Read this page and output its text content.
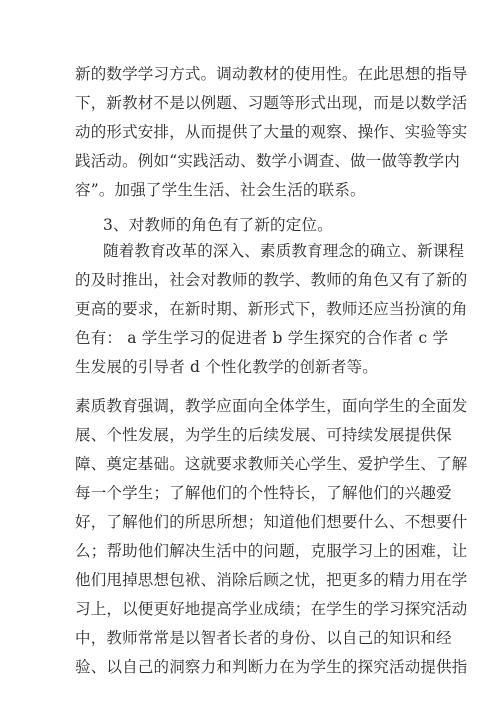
新的数学学习方式。调动教材的使用性。在此思想的指导
下，新教材不是以例题、习题等形式出现，而是以数学活
动的形式安排，从而提供了大量的观察、操作、实验等实
践活动。例如“实践活动、数学小调查、做一做等教学内
容”。加强了学生生活、社会生活的联系。
3、对教师的角色有了新的定位。
随着教育改革的深入、素质教育理念的确立、新课程
的及时推出，社会对教师的教学、教师的角色又有了新的
更高的要求，在新时期、新形式下，教师还应当扮演的角
色有： a 学生学习的促进者 b 学生探究的合作者 c 学
生发展的引导者 d 个性化教学的创新者等。
素质教育强调，教学应面向全体学生，面向学生的全面发
展、个性发展，为学生的后续发展、可持续发展提供保
障、奠定基础。这就要求教师关心学生、爱护学生、了解
每一个学生；了解他们的个性特长，了解他们的兴趣爱
好，了解他们的所思所想；知道他们想要什么、不想要什
么；帮助他们解决生活中的问题，克服学习上的困难，让
他们甩掉思想包袱、消除后顾之忧，把更多的精力用在学
习上，以便更好地提高学业成绩；在学生的学习探究活动
中，教师常常是以智者长者的身份、以自己的知识和经
验、以自己的洞察力和判断力在为学生的探究活动提供指
